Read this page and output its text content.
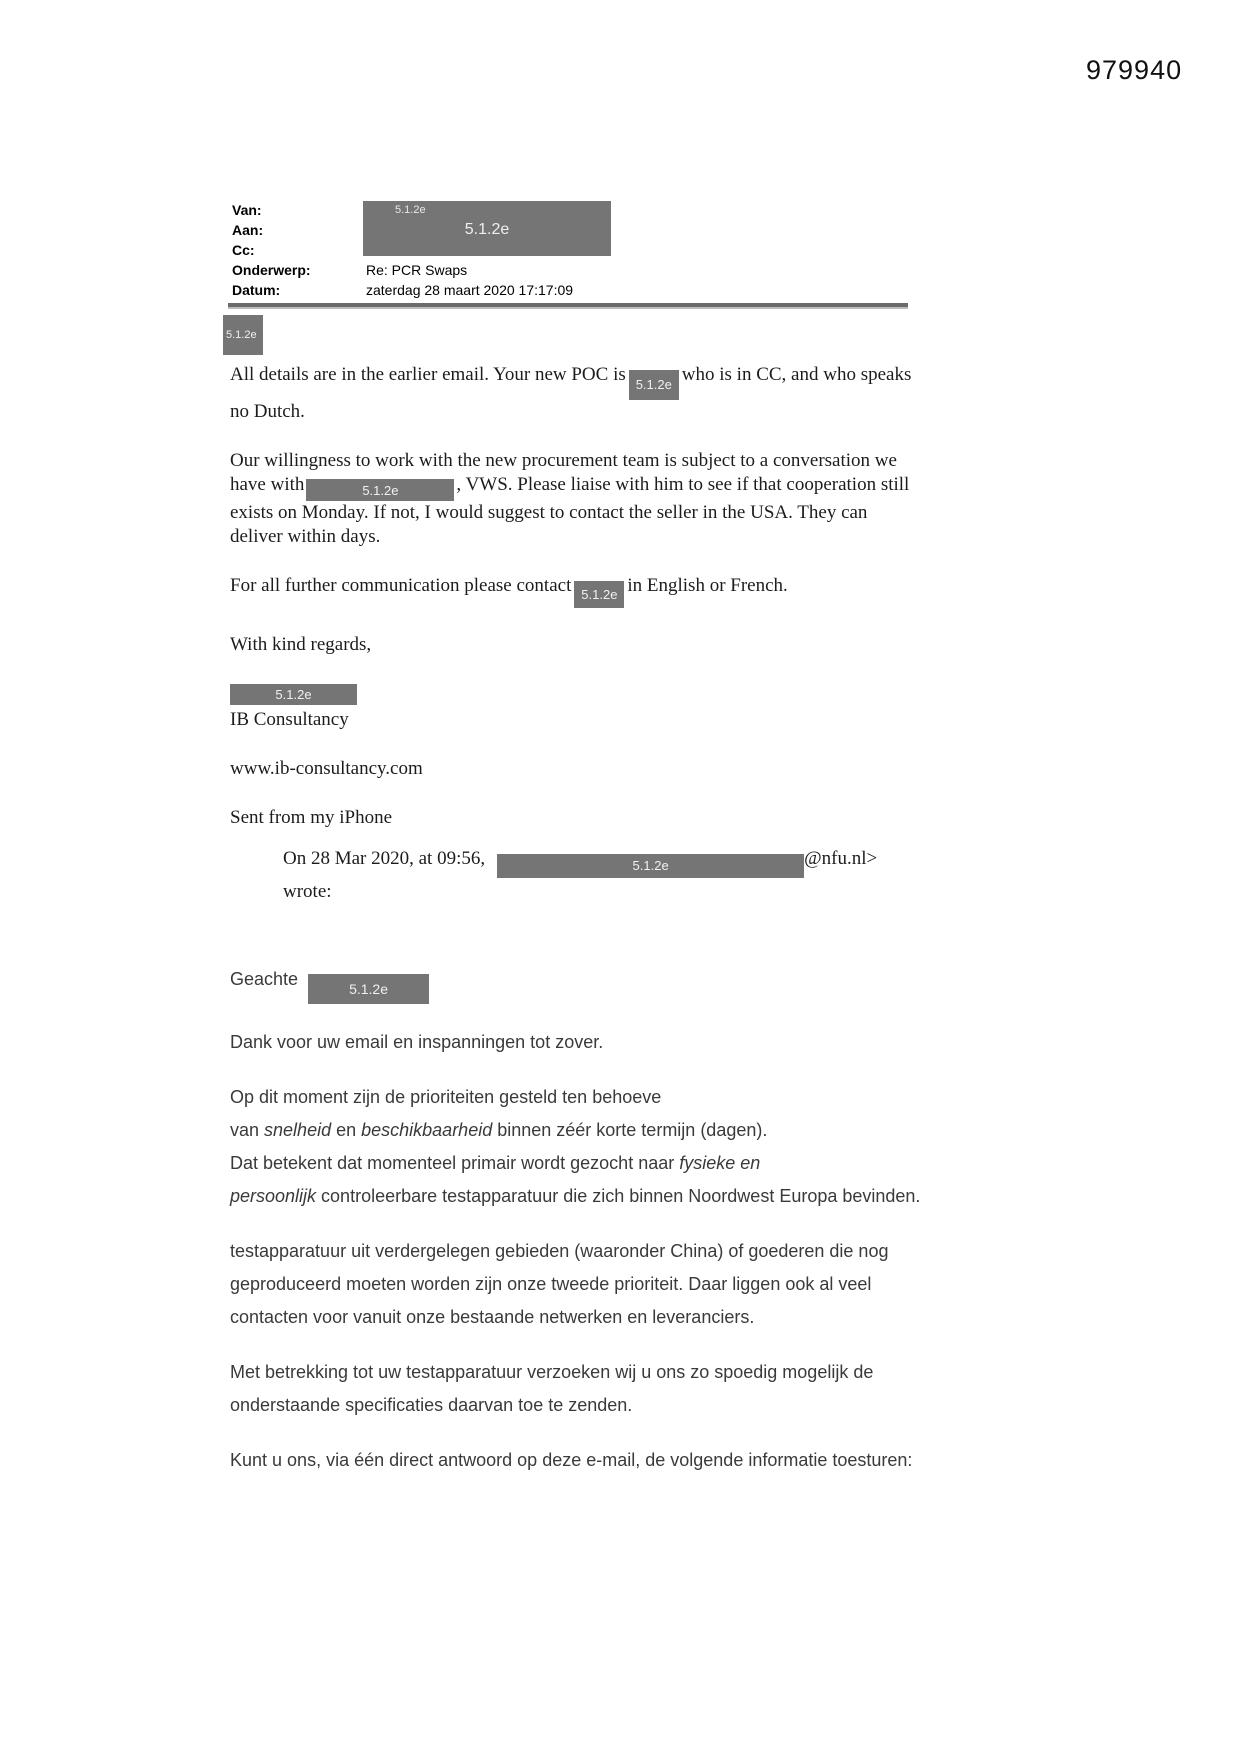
979940
Van:
Aan:
Cc:
Onderwerp:	Re: PCR Swaps
Datum:	zaterdag 28 maart 2020 17:17:09
5.1.2e
5.1.2e
5.1.2e
All details are in the earlier email. Your new POC is 5.1.2e who is in CC, and who speaks
no Dutch.
Our willingness to work with the new procurement team is subject to a conversation we
have with	5.1.2e	, VWS. Please liaise with him to see if that cooperation still
exists on Monday. If not, I would suggest to contact the seller in the USA. They can
deliver within days.
For all further communication please contact 5.1.2e in English or French.
With kind regards,
5.1.2e
IB Consultancy
www.ib-consultancy.com
Sent from my iPhone
On 28 Mar 2020, at 09:56,	5.1.2e	@nfu.nl>
wrote:
Geachte	5.1.2e
Dank voor uw email en inspanningen tot zover.
Op dit moment zijn de prioriteiten gesteld ten behoeve
van snelheid en beschikbaarheid binnen zéér korte termijn (dagen).
Dat betekent dat momenteel primair wordt gezocht naar fysieke en
persoonlijk controleerbare testapparatuur die zich binnen Noordwest Europa bevinden.
testapparatuur uit verdergelegen gebieden (waaronder China) of goederen die nog
geproduceerd moeten worden zijn onze tweede prioriteit. Daar liggen ook al veel
contacten voor vanuit onze bestaande netwerken en leveranciers.
Met betrekking tot uw testapparatuur verzoeken wij u ons zo spoedig mogelijk de
onderstaande specificaties daarvan toe te zenden.
Kunt u ons, via één direct antwoord op deze e-mail, de volgende informatie toesturen:
